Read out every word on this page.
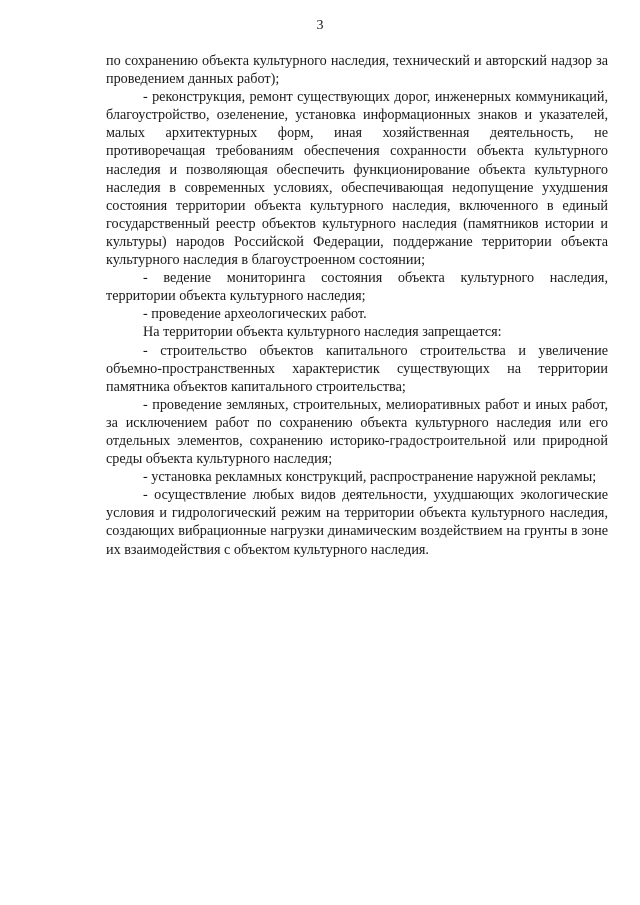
3

по сохранению объекта культурного наследия, технический и авторский надзор за проведением данных работ);

- реконструкция, ремонт существующих дорог, инженерных коммуникаций, благоустройство, озеленение, установка информационных знаков и указателей, малых архитектурных форм, иная хозяйственная деятельность, не противоречащая требованиям обеспечения сохранности объекта культурного наследия и позволяющая обеспечить функционирование объекта культурного наследия в современных условиях, обеспечивающая недопущение ухудшения состояния территории объекта культурного наследия, включенного в единый государственный реестр объектов культурного наследия (памятников истории и культуры) народов Российской Федерации, поддержание территории объекта культурного наследия в благоустроенном состоянии;

- ведение мониторинга состояния объекта культурного наследия, территории объекта культурного наследия;

- проведение археологических работ.

На территории объекта культурного наследия запрещается:

- строительство объектов капитального строительства и увеличение объемно-пространственных характеристик существующих на территории памятника объектов капитального строительства;

- проведение земляных, строительных, мелиоративных работ и иных работ, за исключением работ по сохранению объекта культурного наследия или его отдельных элементов, сохранению историко-градостроительной или природной среды объекта культурного наследия;

- установка рекламных конструкций, распространение наружной рекламы;

- осуществление любых видов деятельности, ухудшающих экологические условия и гидрологический режим на территории объекта культурного наследия, создающих вибрационные нагрузки динамическим воздействием на грунты в зоне их взаимодействия с объектом культурного наследия.
